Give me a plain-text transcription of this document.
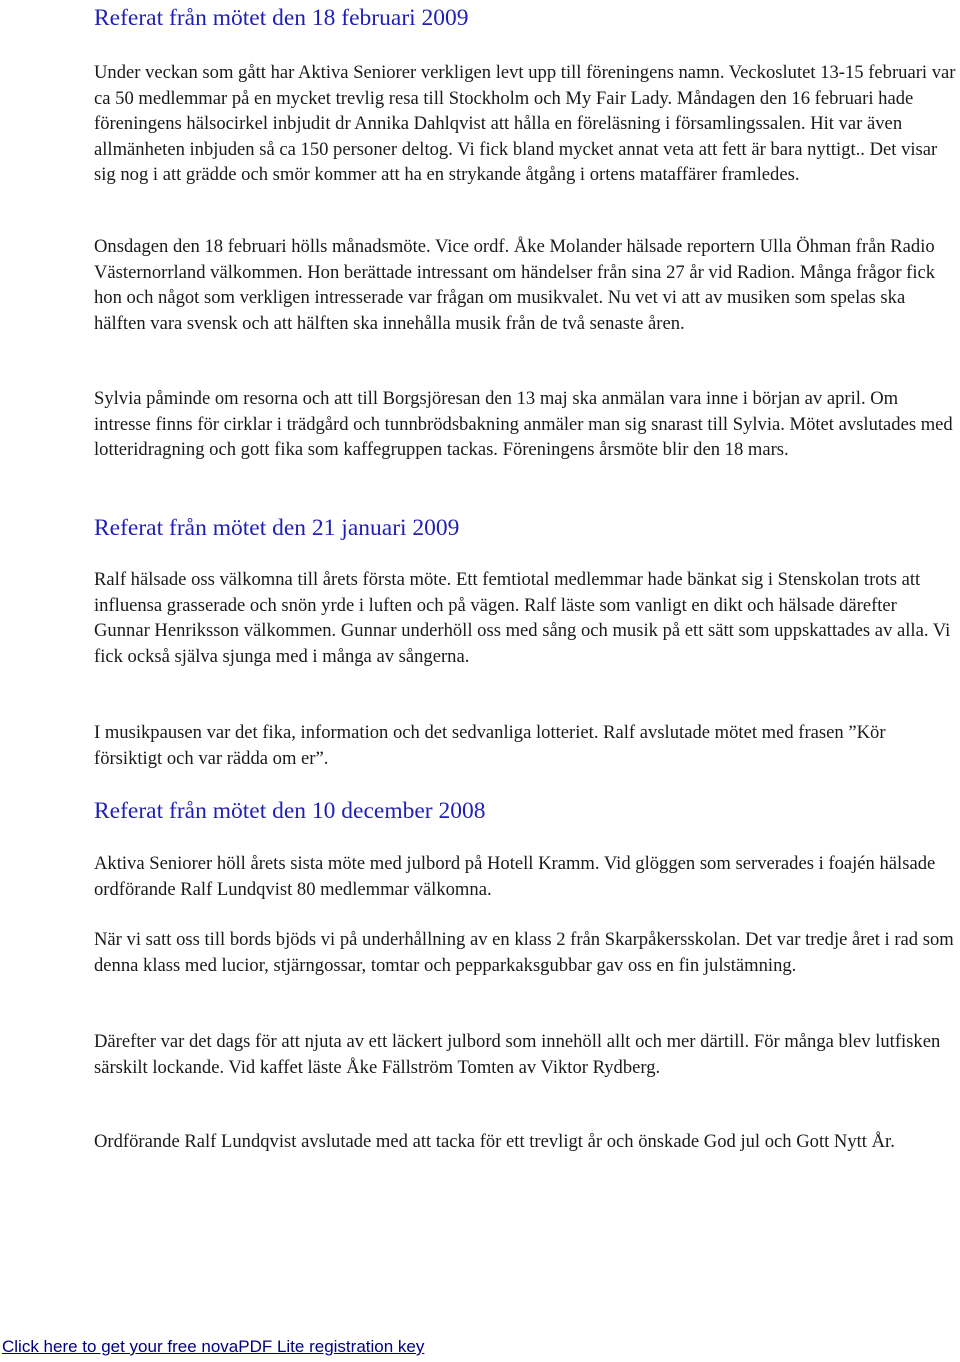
Referat från mötet den 18 februari 2009

Under veckan som gått har Aktiva Seniorer verkligen levt upp till föreningens namn. Veckoslutet 13-15 februari var ca 50 medlemmar på en mycket trevlig resa till Stockholm och My Fair Lady. Måndagen den 16 februari hade föreningens hälsocirkel inbjudit dr Annika Dahlqvist att hålla en föreläsning i församlingssalen. Hit var även allmänheten inbjuden så ca 150 personer deltog. Vi fick bland mycket annat veta att fett är bara nyttigt.. Det visar sig nog i att grädde och smör kommer att ha en strykande åtgång i ortens mataffärer framledes.

Onsdagen den 18 februari hölls månadsmöte. Vice ordf. Åke Molander hälsade reportern Ulla Öhman från Radio Västernorrland välkommen. Hon berättade intressant om händelser från sina 27 år vid Radion. Många frågor fick hon och något som verkligen intresserade var frågan om musikvalet. Nu vet vi att av musiken som spelas ska hälften vara svensk och att hälften ska innehålla musik från de två senaste åren.

Sylvia påminde om resorna och att till Borgsjöresan den 13 maj ska anmälan vara inne i början av april. Om intresse finns för cirklar i trädgård och tunnbrödsbakning anmäler man sig snarast till Sylvia. Mötet avslutades med lotteridragning och gott fika som kaffegruppen tackas. Föreningens årsmöte blir den 18 mars.

Referat från mötet den 21 januari 2009

Ralf hälsade oss välkomna till årets första möte. Ett femtiotal medlemmar hade bänkat sig i Stenskolan trots att influensa grasserade och snön yrde i luften och på vägen. Ralf läste som vanligt en dikt och hälsade därefter Gunnar Henriksson välkommen. Gunnar underhöll oss med sång och musik på ett sätt som uppskattades av alla. Vi fick också själva sjunga med i många av sångerna.

I musikpausen var det fika, information och det sedvanliga lotteriet. Ralf avslutade mötet med frasen ”Kör försiktigt och var rädda om er”.

Referat från mötet den 10 december 2008

Aktiva Seniorer höll årets sista möte med julbord på Hotell Kramm. Vid glöggen som serverades i foajén hälsade ordförande Ralf Lundqvist 80 medlemmar välkomna.

När vi satt oss till bords bjöds vi på underhållning av en klass 2 från Skarpåkersskolan. Det var tredje året i rad som denna klass med lucior, stjärngossar, tomtar och pepparkaksgubbar gav oss en fin julstämning.

Därefter var det dags för att njuta av ett läckert julbord som innehöll allt och mer därtill. För många blev lutfisken särskilt lockande. Vid kaffet läste Åke Fällström Tomten av Viktor Rydberg.

Ordförande Ralf Lundqvist avslutade med att tacka för ett trevligt år och önskade God jul och Gott Nytt År.

Click here to get your free novaPDF Lite registration key
